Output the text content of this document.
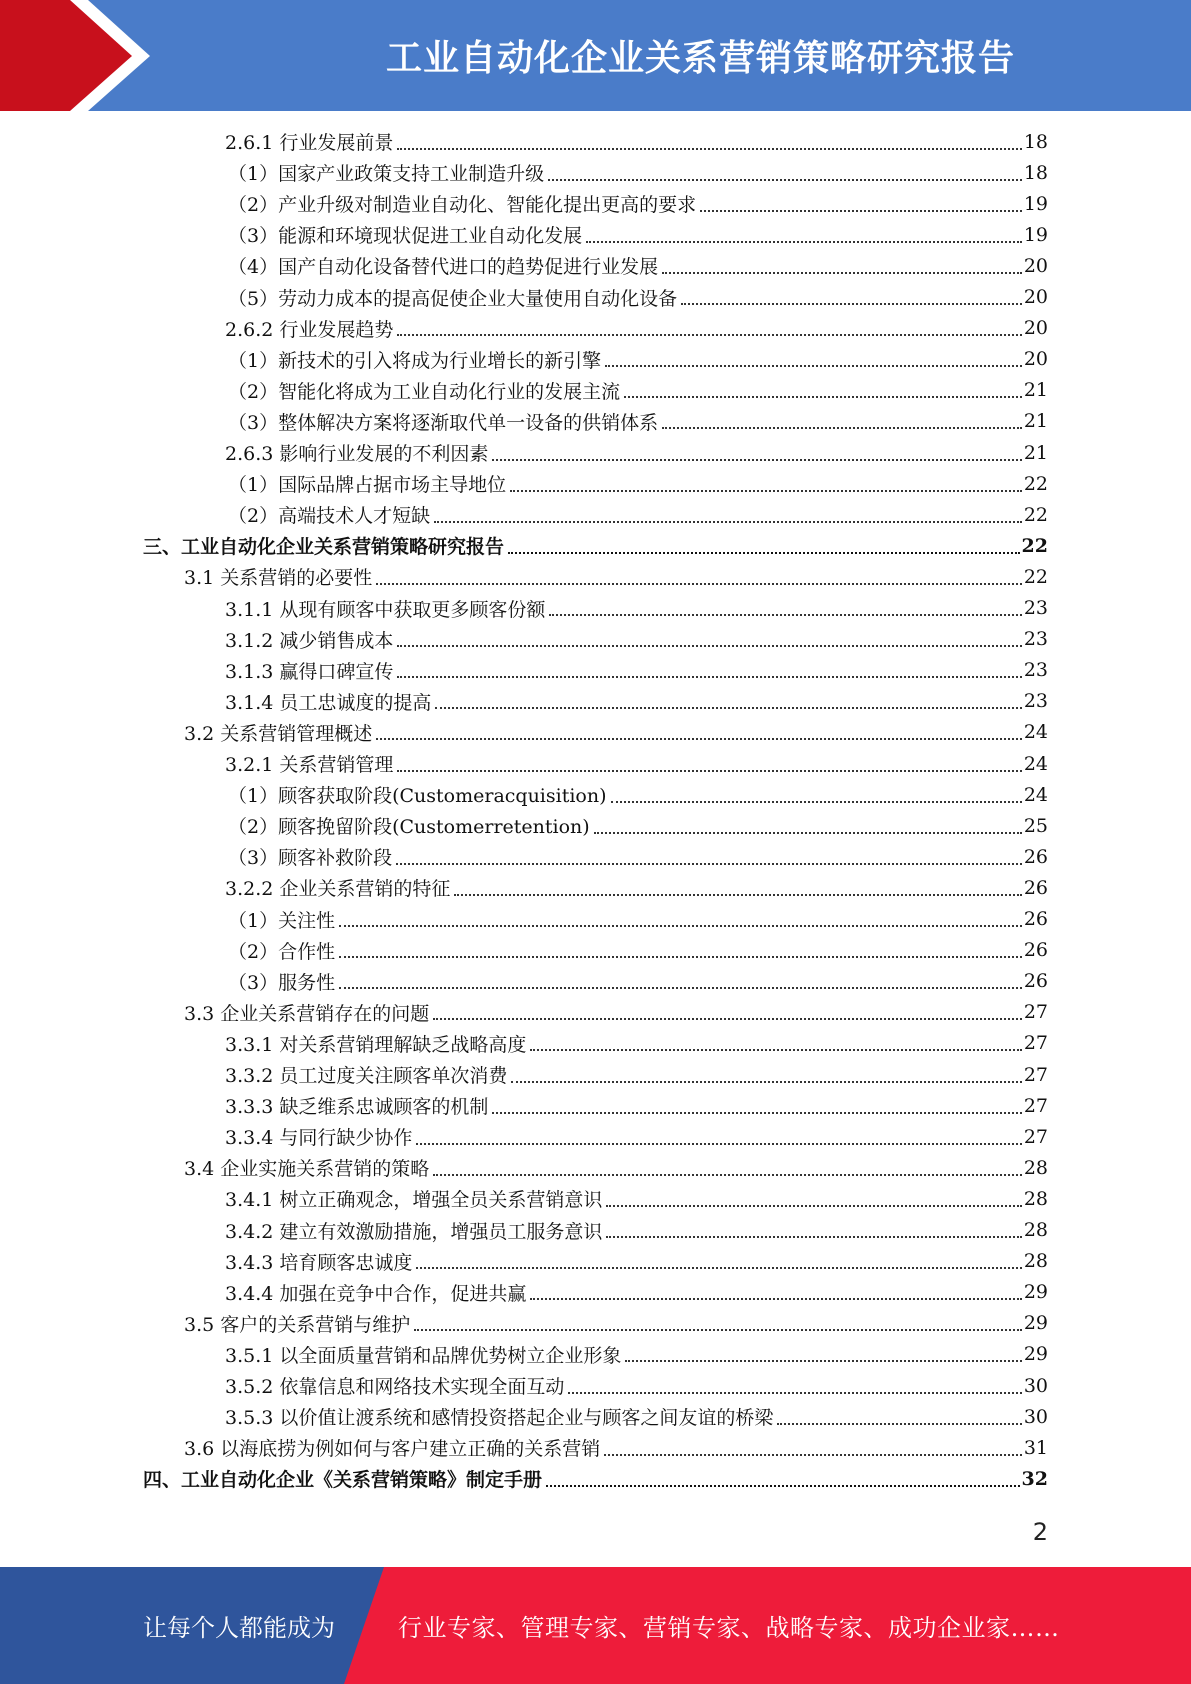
工业自动化企业关系营销策略研究报告
2.6.1 行业发展前景	18
（1）国家产业政策支持工业制造升级	18
（2）产业升级对制造业自动化、智能化提出更高的要求	19
（3）能源和环境现状促进工业自动化发展	19
（4）国产自动化设备替代进口的趋势促进行业发展	20
（5）劳动力成本的提高促使企业大量使用自动化设备	20
2.6.2 行业发展趋势	20
（1）新技术的引入将成为行业增长的新引擎	20
（2）智能化将成为工业自动化行业的发展主流	21
（3）整体解决方案将逐渐取代单一设备的供销体系	21
2.6.3 影响行业发展的不利因素	21
（1）国际品牌占据市场主导地位	22
（2）高端技术人才短缺	22
三、工业自动化企业关系营销策略研究报告	22
3.1 关系营销的必要性	22
3.1.1 从现有顾客中获取更多顾客份额	23
3.1.2 减少销售成本	23
3.1.3 赢得口碑宣传	23
3.1.4 员工忠诚度的提高	23
3.2 关系营销管理概述	24
3.2.1 关系营销管理	24
（1）顾客获取阶段(Customeracquisition)	24
（2）顾客挽留阶段(Customerretention)	25
（3）顾客补救阶段	26
3.2.2 企业关系营销的特征	26
（1）关注性	26
（2）合作性	26
（3）服务性	26
3.3 企业关系营销存在的问题	27
3.3.1 对关系营销理解缺乏战略高度	27
3.3.2 员工过度关注顾客单次消费	27
3.3.3 缺乏维系忠诚顾客的机制	27
3.3.4 与同行缺少协作	27
3.4 企业实施关系营销的策略	28
3.4.1 树立正确观念，增强全员关系营销意识	28
3.4.2 建立有效激励措施，增强员工服务意识	28
3.4.3 培育顾客忠诚度	28
3.4.4 加强在竞争中合作，促进共赢	29
3.5 客户的关系营销与维护	29
3.5.1 以全面质量营销和品牌优势树立企业形象	29
3.5.2 依靠信息和网络技术实现全面互动	30
3.5.3 以价值让渡系统和感情投资搭起企业与顾客之间友谊的桥梁	30
3.6 以海底捞为例如何与客户建立正确的关系营销	31
四、工业自动化企业《关系营销策略》制定手册	32
2
让每个人都能成为	行业专家、管理专家、营销专家、战略专家、成功企业家……
